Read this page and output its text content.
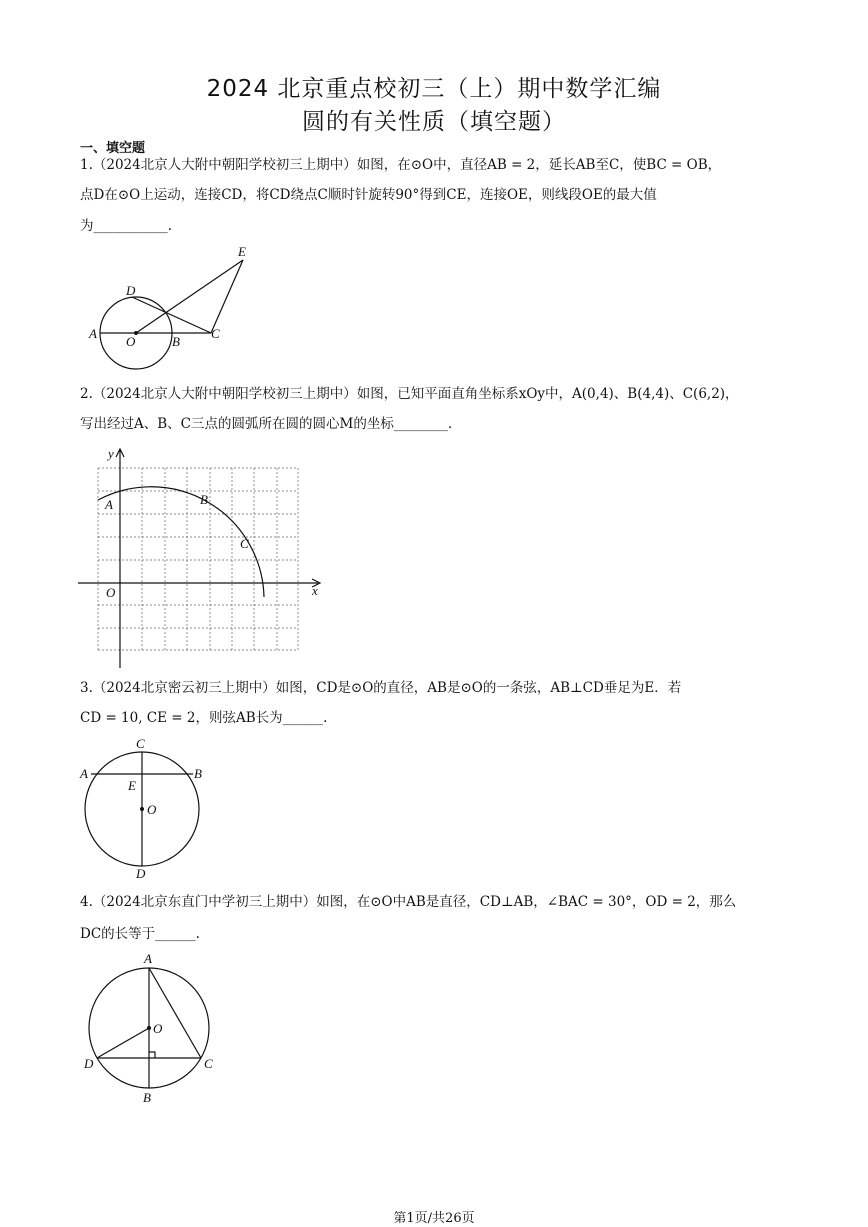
2024 北京重点校初三（上）期中数学汇编
圆的有关性质（填空题）
一、填空题
1.（2024北京人大附中朝阳学校初三上期中）如图，在⊙O中，直径AB = 2，延长AB至C，使BC = OB，
点D在⊙O上运动，连接CD，将CD绕点C顺时针旋转90°得到CE，连接OE，则线段OE的最大值
为___________.
A
O	B
C
D
E
2.（2024北京人大附中朝阳学校初三上期中）如图，已知平面直角坐标系xOy中，A(0,4)、B(4,4)、C(6,2)，
写出经过A、B、C三点的圆弧所在圆的圆心M的坐标________.
y
x
O
A	B
C
3.（2024北京密云初三上期中）如图，CD是⊙O的直径，AB是⊙O的一条弦，AB⊥CD垂足为E．若
CD = 10, CE = 2，则弦AB长为______.
C
A	B
E
O
D
4.（2024北京东直门中学初三上期中）如图，在⊙O中AB是直径，CD⊥AB，∠BAC = 30°，OD = 2，那么
DC的长等于______.
A
O
D	C
B
第1页/共26页
